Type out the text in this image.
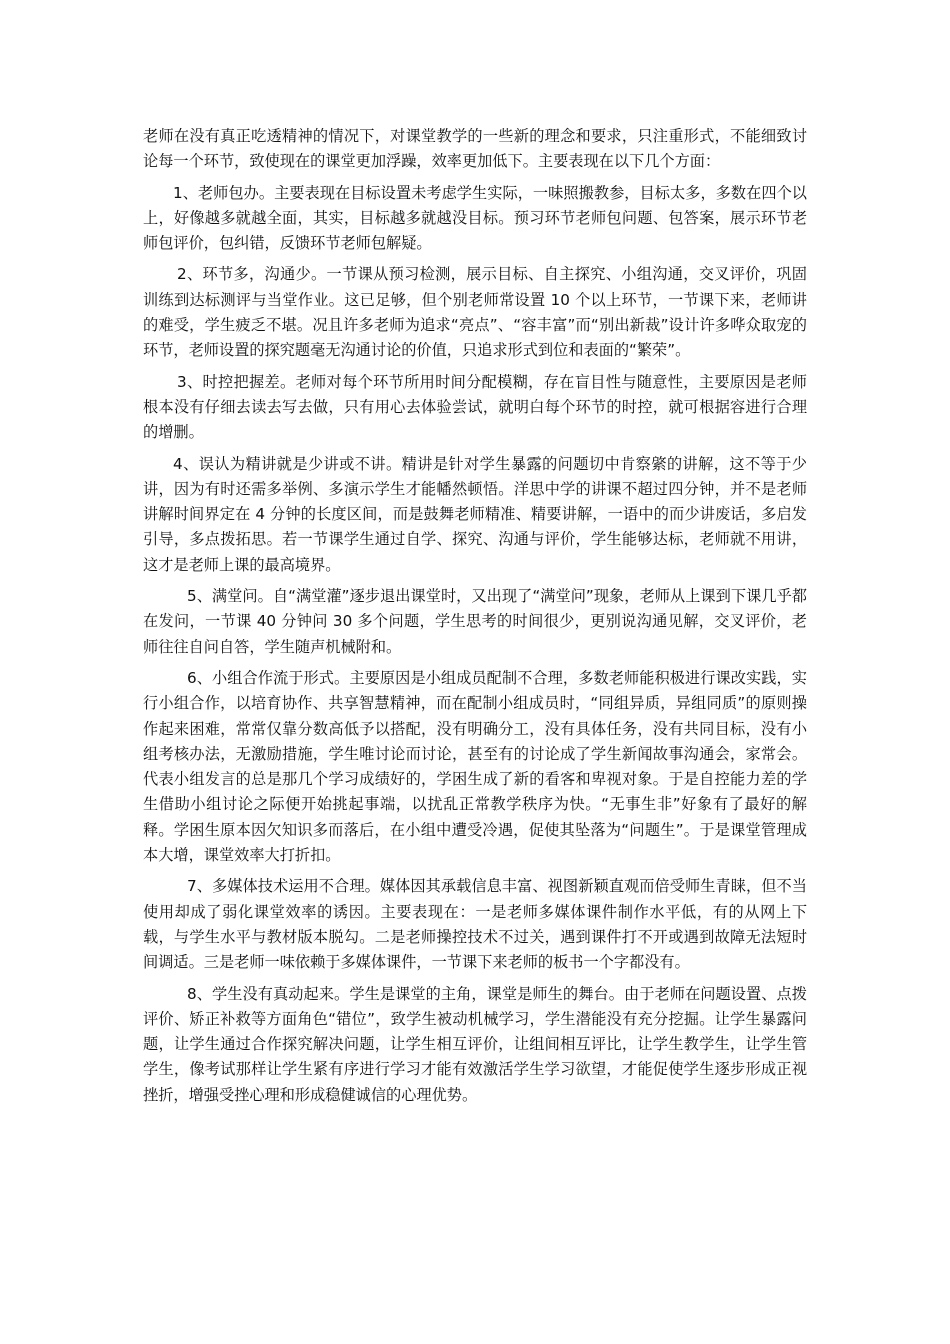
老师在没有真正吃透精神的情况下，对课堂教学的一些新的理念和要求，只注重形式，不能细致讨论每一个环节，致使现在的课堂更加浮躁，效率更加低下。主要表现在以下几个方面：

1、老师包办。主要表现在目标设置未考虑学生实际，一味照搬教参，目标太多，多数在四个以上，好像越多就越全面，其实，目标越多就越没目标。预习环节老师包问题、包答案，展示环节老师包评价，包纠错，反馈环节老师包解疑。

2、环节多，沟通少。一节课从预习检测，展示目标、自主探究、小组沟通，交叉评价，巩固训练到达标测评与当堂作业。这已足够，但个别老师常设置 10 个以上环节，一节课下来，老师讲的难受，学生疲乏不堪。况且许多老师为追求“亮点”、“容丰富”而“别出新裁”设计许多哗众取宠的环节，老师设置的探究题毫无沟通讨论的价值，只追求形式到位和表面的“繁荣”。

3、时控把握差。老师对每个环节所用时间分配模糊，存在盲目性与随意性，主要原因是老师根本没有仔细去读去写去做，只有用心去体验尝试，就明白每个环节的时控，就可根据容进行合理的增删。

4、误认为精讲就是少讲或不讲。精讲是针对学生暴露的问题切中肯察綮的讲解，这不等于少讲，因为有时还需多举例、多演示学生才能幡然顿悟。洋思中学的讲课不超过四分钟，并不是老师讲解时间界定在 4 分钟的长度区间，而是鼓舞老师精准、精要讲解，一语中的而少讲废话，多启发引导，多点拨拓思。若一节课学生通过自学、探究、沟通与评价，学生能够达标，老师就不用讲，这才是老师上课的最高境界。

5、满堂问。自“满堂灌”逐步退出课堂时，又出现了“满堂问”现象，老师从上课到下课几乎都在发问，一节课 40 分钟问 30 多个问题，学生思考的时间很少，更别说沟通见解，交叉评价，老师往往自问自答，学生随声机械附和。

6、小组合作流于形式。主要原因是小组成员配制不合理，多数老师能积极进行课改实践，实行小组合作，以培育协作、共享智慧精神，而在配制小组成员时，“同组异质，异组同质”的原则操作起来困难，常常仅靠分数高低予以搭配，没有明确分工，没有具体任务，没有共同目标，没有小组考核办法，无激励措施，学生唯讨论而讨论，甚至有的讨论成了学生新闻故事沟通会，家常会。代表小组发言的总是那几个学习成绩好的，学困生成了新的看客和卑视对象。于是自控能力差的学生借助小组讨论之际便开始挑起事端，以扰乱正常教学秩序为快。“无事生非”好象有了最好的解释。学困生原本因欠知识多而落后，在小组中遭受冷遇，促使其坠落为“问题生”。于是课堂管理成本大增，课堂效率大打折扣。

7、多媒体技术运用不合理。媒体因其承载信息丰富、视图新颖直观而倍受师生青睐，但不当使用却成了弱化课堂效率的诱因。主要表现在：一是老师多媒体课件制作水平低，有的从网上下载，与学生水平与教材版本脱勾。二是老师操控技术不过关，遇到课件打不开或遇到故障无法短时间调适。三是老师一味依赖于多媒体课件，一节课下来老师的板书一个字都没有。

8、学生没有真动起来。学生是课堂的主角，课堂是师生的舞台。由于老师在问题设置、点拨评价、矫正补救等方面角色“错位”，致学生被动机械学习，学生潜能没有充分挖掘。让学生暴露问题，让学生通过合作探究解决问题，让学生相互评价，让组间相互评比，让学生教学生，让学生管学生，像考试那样让学生紧有序进行学习才能有效激活学生学习欲望，才能促使学生逐步形成正视挫折，增强受挫心理和形成稳健诚信的心理优势。
